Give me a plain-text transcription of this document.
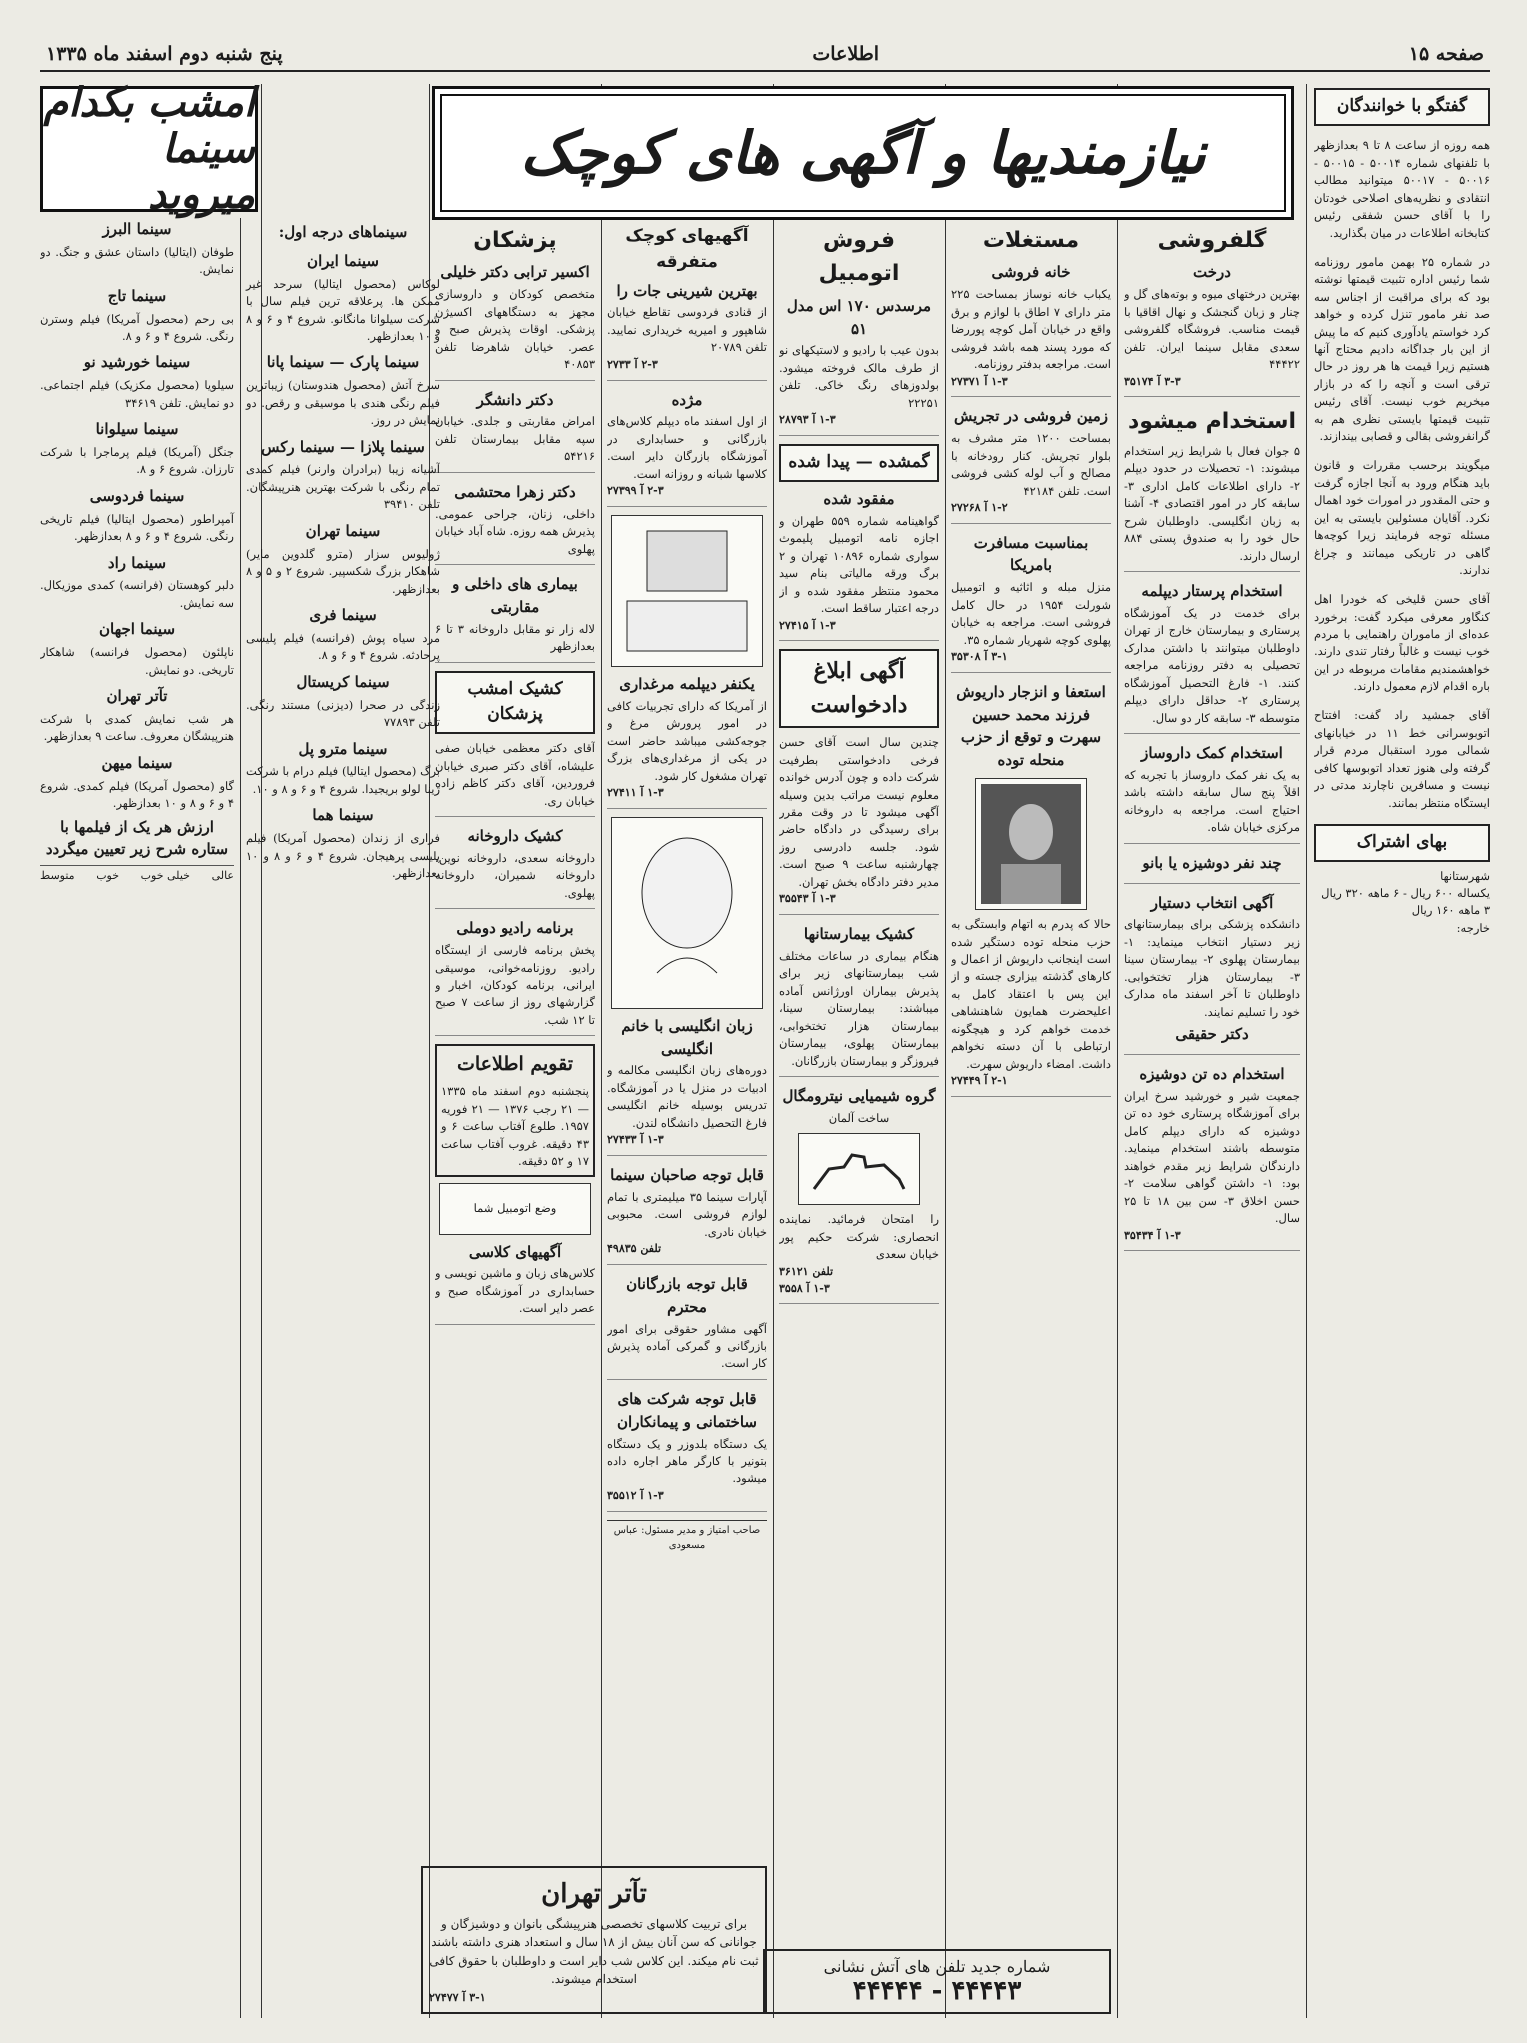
صفحه ۱۵
اطلاعات
پنج شنبه دوم اسفند ماه ۱۳۳۵
نیازمندیها و آگهی های کوچک
امشب بکدام سینما میروید
گفتگو با خوانندگان

همه روزه از ساعت ۸ تا ۹ بعدازظهر با تلفنهای شماره ۵۰۰۱۴ - ۵۰۰۱۵ - ۵۰۰۱۶ - ۵۰۰۱۷ میتوانید مطالب انتقادی و نظریه‌های اصلاحی خودتان را با آقای حسن شفقی رئیس کتابخانه اطلاعات در میان بگذارید.

در شماره ۲۵ بهمن مامور روزنامه شما رئیس اداره تثبیت قیمتها نوشته بود که برای مراقبت از اجناس سه صد نفر مامور تنزل کرده و خواهد کرد خواستم یادآوری کنیم که ما پیش از این بار جداگانه دادیم محتاج آنها هستیم زیرا قیمت ها هر روز در حال ترقی است و آنچه را که در بازار میخریم خوب نیست. آقای رئیس تثبیت قیمتها بایستی نظری هم به گرانفروشی بقالی و قصابی بیندازند.

میگویند برحسب مقررات و قانون باید هنگام ورود به آنجا اجازه گرفت و حتی المقدور در امورات خود اهمال نکرد. آقایان مسئولین بایستی به این مسئله توجه فرمایند زیرا کوچه‌ها گاهی در تاریکی میمانند و چراغ ندارند.

آقای حسن قلیخی که خودرا اهل کنگاور معرفی میکرد گفت: برخورد عده‌ای از ماموران راهنمایی با مردم خوب نیست و غالباً رفتار تندی دارند. خواهشمندیم مقامات مربوطه در این باره اقدام لازم معمول دارند.

آقای جمشید راد گفت: افتتاح اتوبوسرانی خط ۱۱ در خیابانهای شمالی مورد استقبال مردم قرار گرفته ولی هنوز تعداد اتوبوسها کافی نیست و مسافرین ناچارند مدتی در ایستگاه منتظر بمانند.

بهای اشتراک
شهرستانها
یکساله ۶۰۰ ریال - ۶ ماهه ۳۲۰ ریال
۳ ماهه ۱۶۰ ریال
خارجه:
گلفروشی
درخت
بهترین درختهای میوه و بوته‌های گل و چنار و زبان گنجشک و نهال اقاقیا با قیمت مناسب. فروشگاه گلفروشی سعدی مقابل سینما ایران. تلفن ۴۴۴۲۲
۳-۳ آ ۳۵۱۷۴
استخدام میشود
۵ جوان فعال با شرایط زیر استخدام میشوند: ۱- تحصیلات در حدود دیپلم ۲- دارای اطلاعات کامل اداری ۳- سابقه کار در امور اقتصادی ۴- آشنا به زبان انگلیسی. داوطلبان شرح حال خود را به صندوق پستی ۸۸۴ ارسال دارند.
استخدام پرستار دیپلمه
برای خدمت در یک آموزشگاه پرستاری و بیمارستان خارج از تهران داوطلبان میتوانند با داشتن مدارک تحصیلی به دفتر روزنامه مراجعه کنند. ۱- فارغ التحصیل آموزشگاه پرستاری ۲- حداقل دارای دیپلم متوسطه ۳- سابقه کار دو سال.
استخدام کمک داروساز
به یک نفر کمک داروساز با تجربه که اقلاً پنج سال سابقه داشته باشد احتیاج است. مراجعه به داروخانه مرکزی خیابان شاه.
چند نفر دوشیزه یا بانو
آگهی انتخاب دستیار
دانشکده پزشکی برای بیمارستانهای زیر دستیار انتخاب مینماید: ۱- بیمارستان پهلوی ۲- بیمارستان سینا ۳- بیمارستان هزار تختخوابی. داوطلبان تا آخر اسفند ماه مدارک خود را تسلیم نمایند.
دکتر حقیقی
استخدام ده تن دوشیزه
جمعیت شیر و خورشید سرخ ایران برای آموزشگاه پرستاری خود ده تن دوشیزه که دارای دیپلم کامل متوسطه باشند استخدام مینماید. دارندگان شرایط زیر مقدم خواهند بود: ۱- داشتن گواهی سلامت ۲- حسن اخلاق ۳- سن بین ۱۸ تا ۲۵ سال.
۱-۳ آ ۳۵۴۳۴
مستغلات
خانه فروشی
یکباب خانه نوساز بمساحت ۲۲۵ متر دارای ۷ اطاق با لوازم و برق واقع در خیابان آمل کوچه پوررضا که مورد پسند همه باشد فروشی است. مراجعه بدفتر روزنامه.
۱-۳ آ ۲۷۳۷۱
زمین فروشی در تجریش
بمساحت ۱۲۰۰ متر مشرف به بلوار تجریش. کنار رودخانه با مصالح و آب لوله کشی فروشی است. تلفن ۴۲۱۸۴
۱-۲ آ ۲۷۲۶۸
بمناسبت مسافرت بامریکا
منزل مبله و اثاثیه و اتومبیل شورلت ۱۹۵۴ در حال کامل فروشی است. مراجعه به خیابان پهلوی کوچه شهریار شماره ۳۵.
۳-۱ آ ۳۵۳۰۸
استعفا و انزجار داریوش فرزند محمد حسین سهرت و توقع از حزب منحله توده
حالا که پدرم به اتهام وابستگی به حزب منحله توده دستگیر شده است اینجانب داریوش از اعمال و کارهای گذشته بیزاری جسته و از این پس با اعتقاد کامل به اعلیحضرت همایون شاهنشاهی خدمت خواهم کرد و هیچگونه ارتباطی با آن دسته نخواهم داشت. امضاء داریوش سهرت.
۲-۱ آ ۲۷۴۴۹
فروش اتومبیل
مرسدس ۱۷۰ اس مدل ۵۱
بدون عیب با رادیو و لاستیکهای نو از طرف مالک فروخته میشود. بولدوزهای رنگ خاکی. تلفن ۲۲۲۵۱
۱-۳ آ ۲۸۷۹۳
گمشده — پیدا شده
مفقود شده
گواهینامه شماره ۵۵۹ طهران و اجازه نامه اتومبیل پلیموث سواری شماره ۱۰۸۹۶ تهران و ۲ برگ ورقه مالیاتی بنام سید محمود منتظر مفقود شده و از درجه اعتبار ساقط است.
۱-۳ آ ۲۷۴۱۵
آگهی ابلاغ دادخواست
چندین سال است آقای حسن فرخی دادخواستی بطرفیت شرکت داده و چون آدرس خوانده معلوم نیست مراتب بدین وسیله آگهی میشود تا در وقت مقرر برای رسیدگی در دادگاه حاضر شود. جلسه دادرسی روز چهارشنبه ساعت ۹ صبح است. مدیر دفتر دادگاه بخش تهران.
۱-۳ آ ۳۵۵۴۳
کشیک بیمارستانها
هنگام بیماری در ساعات مختلف شب بیمارستانهای زیر برای پذیرش بیماران اورژانس آماده میباشند: بیمارستان سینا، بیمارستان هزار تختخوابی، بیمارستان پهلوی، بیمارستان فیروزگر و بیمارستان بازرگانان.
گروه شیمیایی نیترومگال
ساخت آلمان
را امتحان فرمائید. نماینده انحصاری: شرکت حکیم پور خیابان سعدی
تلفن ۳۶۱۲۱
۱-۳ آ ۳۵۵۸
شماره جدید تلفن های آتش نشانی
۴۴۴۴۳ - ۴۴۴۴۴
آگهیهای کوچک متفرقه
بهترین شیرینی جات را
از قنادی فردوسی تقاطع خیابان شاهپور و امیریه خریداری نمایید. تلفن ۲۰۷۸۹
۲-۳ آ ۲۷۳۳
مژده
از اول اسفند ماه دیپلم کلاس‌های بازرگانی و حسابداری در آموزشگاه بازرگان دایر است. کلاسها شبانه و روزانه است.
۲-۳ آ ۲۷۳۹۹
یکنفر دیپلمه مرغداری
از آمریکا که دارای تجربیات کافی در امور پرورش مرغ و جوجه‌کشی میباشد حاضر است در یکی از مرغداری‌های بزرگ تهران مشغول کار شود.
۱-۳ آ ۲۷۴۱۱
زبان انگلیسی با خانم انگلیسی
دوره‌های زبان انگلیسی مکالمه و ادبیات در منزل یا در آموزشگاه. تدریس بوسیله خانم انگلیسی فارغ التحصیل دانشگاه لندن.
۱-۳ آ ۲۷۴۳۳
قابل توجه صاحبان سینما
آپارات سینما ۳۵ میلیمتری با تمام لوازم فروشی است. محبوبی خیابان نادری.
تلفن ۴۹۸۳۵
قابل توجه بازرگانان محترم
آگهی مشاور حقوقی برای امور بازرگانی و گمرکی آماده پذیرش کار است.
قابل توجه شرکت های ساختمانی و پیمانکاران
یک دستگاه بلدوزر و یک دستگاه بتونیر با کارگر ماهر اجاره داده میشود.
۱-۳ آ ۳۵۵۱۲
صاحب امتیاز و مدیر مسئول: عباس مسعودی
تآتر تهران
برای تربیت کلاسهای تخصصی هنرپیشگی بانوان و دوشیزگان و جوانانی که سن آنان بیش از ۱۸ سال و استعداد هنری داشته باشند ثبت نام میکند. این کلاس شب دایر است و داوطلبان با حقوق کافی استخدام میشوند.
۳-۱ آ ۲۷۴۷۷
پزشکان
اکسیر ترابی دکتر خلیلی
متخصص کودکان و داروسازی مجهز به دستگاههای اکسیژن پزشکی. اوقات پذیرش صبح و عصر. خیابان شاهرضا تلفن ۴۰۸۵۳
دکتر دانشگر
امراض مقاربتی و جلدی. خیابان سپه مقابل بیمارستان تلفن ۵۴۲۱۶
دکتر زهرا محتشمی
داخلی، زنان، جراحی عمومی. پذیرش همه روزه. شاه آباد خیابان پهلوی
بیماری های داخلی و مقاربتی
لاله زار نو مقابل داروخانه ۳ تا ۶ بعدازظهر
کشیک امشب پزشکان
آقای دکتر معظمی خیابان صفی علیشاه، آقای دکتر صبری خیابان فروردین، آقای دکتر کاظم زاده خیابان ری.
کشیک داروخانه
داروخانه سعدی، داروخانه نوین، داروخانه شمیران، داروخانه پهلوی.
برنامه رادیو دوملی
پخش برنامه فارسی از ایستگاه رادیو. روزنامه‌خوانی، موسیقی ایرانی، برنامه کودکان، اخبار و گزارشهای روز از ساعت ۷ صبح تا ۱۲ شب.
تقویم اطلاعات
پنجشنبه دوم اسفند ماه ۱۳۳۵ — ۲۱ رجب ۱۳۷۶ — ۲۱ فوریه ۱۹۵۷. طلوع آفتاب ساعت ۶ و ۴۳ دقیقه. غروب آفتاب ساعت ۱۷ و ۵۲ دقیقه.
وضع اتومبیل شما
آگهیهای کلاسی
کلاس‌های زبان و ماشین نویسی و حسابداری در آموزشگاه صبح و عصر دایر است.
سینماهای درجه اول:
سینما ایران
لوکاس (محصول ایتالیا) سرحد غیر ممکن ها. پرعلاقه ترین فیلم سال با شرکت سیلوانا مانگانو. شروع ۴ و ۶ و ۸ و ۱۰ بعدازظهر.
سینما پارک — سینما پانا
سرخ آتش (محصول هندوستان) زیباترین فیلم رنگی هندی با موسیقی و رقص. دو نمایش در روز.
سینما پلازا — سینما رکس
آشیانه زیبا (برادران وارنر) فیلم کمدی تمام رنگی با شرکت بهترین هنرپیشگان. تلفن ۳۹۴۱۰
سینما تهران
ژولیوس سزار (مترو گلدوین مایر) شاهکار بزرگ شکسپیر. شروع ۲ و ۵ و ۸ بعدازظهر.
سینما فری
مرد سیاه پوش (فرانسه) فیلم پلیسی پرحادثه. شروع ۴ و ۶ و ۸.
سینما کریستال
زندگی در صحرا (دیزنی) مستند رنگی. تلفن ۷۷۸۹۳
سینما مترو پل
برگ (محصول ایتالیا) فیلم درام با شرکت ژینا لولو بریجیدا. شروع ۴ و ۶ و ۸ و ۱۰.
سینما هما
فراری از زندان (محصول آمریکا) فیلم پلیسی پرهیجان. شروع ۴ و ۶ و ۸ و ۱۰ بعدازظهر.
سینما البرز
طوفان (ایتالیا) داستان عشق و جنگ. دو نمایش.
سینما تاج
بی رحم (محصول آمریکا) فیلم وسترن رنگی. شروع ۴ و ۶ و ۸.
سینما خورشید نو
سیلویا (محصول مکزیک) فیلم اجتماعی. دو نمایش. تلفن ۳۴۶۱۹
سینما سیلوانا
جنگل (آمریکا) فیلم پرماجرا با شرکت تارزان. شروع ۶ و ۸.
سینما فردوسی
آمپراطور (محصول ایتالیا) فیلم تاریخی رنگی. شروع ۴ و ۶ و ۸ بعدازظهر.
سینما راد
دلبر کوهستان (فرانسه) کمدی موزیکال. سه نمایش.
سینما اجهان
ناپلئون (محصول فرانسه) شاهکار تاریخی. دو نمایش.
تآتر تهران
هر شب نمایش کمدی با شرکت هنرپیشگان معروف. ساعت ۹ بعدازظهر.
سینما میهن
گاو (محصول آمریکا) فیلم کمدی. شروع ۴ و ۶ و ۸ و ۱۰ بعدازظهر.
ارزش هر یک از فیلمها با ستاره شرح زیر تعیین میگردد
عالی
خیلی خوب
خوب
متوسط
